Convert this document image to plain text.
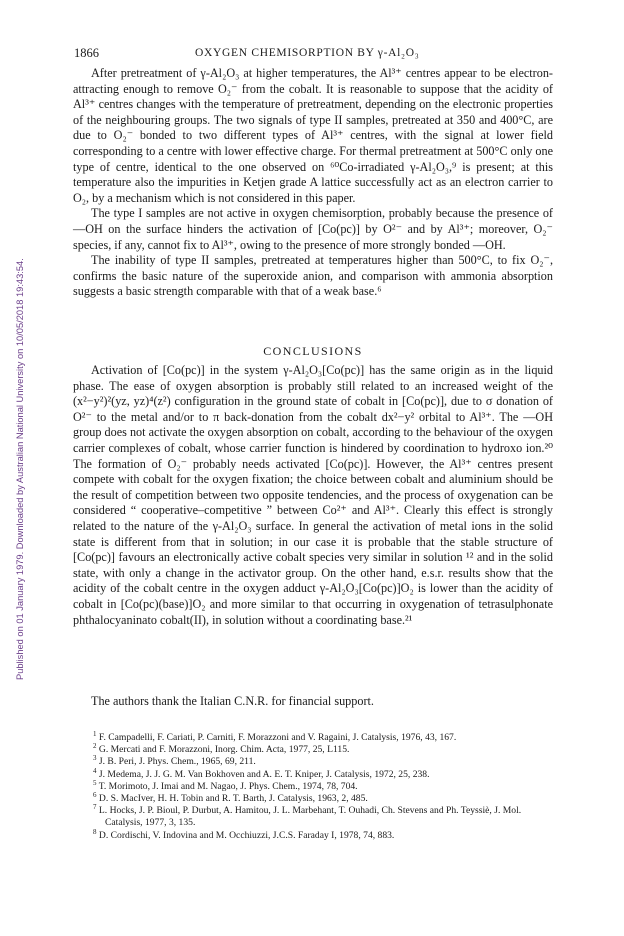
Published on 01 January 1979. Downloaded by Australian National University on 10/05/2018 19:43:54.
1866	OXYGEN CHEMISORPTION BY γ-Al₂O₃

After pretreatment of γ-Al₂O₃ at higher temperatures, the Al³⁺ centres appear to be electron-attracting enough to remove O₂⁻ from the cobalt. It is reasonable to suppose that the acidity of Al³⁺ centres changes with the temperature of pretreatment, depending on the electronic properties of the neighbouring groups. The two signals of type II samples, pretreated at 350 and 400°C, are due to O₂⁻ bonded to two different types of Al³⁺ centres, with the signal at lower field corresponding to a centre with lower effective charge. For thermal pretreatment at 500°C only one type of centre, identical to the one observed on ⁶⁰Co-irradiated γ-Al₂O₃,⁹ is present; at this temperature also the impurities in Ketjen grade A lattice successfully act as an electron carrier to O₂, by a mechanism which is not considered in this paper.

The type I samples are not active in oxygen chemisorption, probably because the presence of —OH on the surface hinders the activation of [Co(pc)] by O²⁻ and by Al³⁺; moreover, O₂⁻ species, if any, cannot fix to Al³⁺, owing to the presence of more strongly bonded —OH.

The inability of type II samples, pretreated at temperatures higher than 500°C, to fix O₂⁻, confirms the basic nature of the superoxide anion, and comparison with ammonia absorption suggests a basic strength comparable with that of a weak base.⁶

CONCLUSIONS

Activation of [Co(pc)] in the system γ-Al₂O₃[Co(pc)] has the same origin as in the liquid phase. The ease of oxygen absorption is probably still related to an increased weight of the (x²−y²)²(yz, yz)⁴(z²) configuration in the ground state of cobalt in [Co(pc)], due to σ donation of O²⁻ to the metal and/or to π back-donation from the cobalt dx²−y² orbital to Al³⁺. The —OH group does not activate the oxygen absorption on cobalt, according to the behaviour of the oxygen carrier complexes of cobalt, whose carrier function is hindered by coordination to hydroxo ion.²⁰ The formation of O₂⁻ probably needs activated [Co(pc)]. However, the Al³⁺ centres present compete with cobalt for the oxygen fixation; the choice between cobalt and aluminium should be the result of competition between two opposite tendencies, and the process of oxygenation can be considered “ cooperative–competitive ” between Co²⁺ and Al³⁺. Clearly this effect is strongly related to the nature of the γ-Al₂O₃ surface. In general the activation of metal ions in the solid state is different from that in solution; in our case it is probable that the stable structure of [Co(pc)] favours an electronically active cobalt species very similar in solution ¹² and in the solid state, with only a change in the activator group. On the other hand, e.s.r. results show that the acidity of the cobalt centre in the oxygen adduct γ-Al₂O₃[Co(pc)]O₂ is lower than the acidity of cobalt in [Co(pc)(base)]O₂ and more similar to that occurring in oxygenation of tetrasulphonate phthalocyaninato cobalt(II), in solution without a coordinating base.²¹

The authors thank the Italian C.N.R. for financial support.
$^1$ F. Campadelli, F. Cariati, P. Carniti, F. Morazzoni and V. Ragaini, J. Catalysis, 1976, 43, 167.
$^2$ G. Mercati and F. Morazzoni, Inorg. Chim. Acta, 1977, 25, L115.
$^3$ J. B. Peri, J. Phys. Chem., 1965, 69, 211.
$^4$ J. Medema, J. J. G. M. Van Bokhoven and A. E. T. Kniper, J. Catalysis, 1972, 25, 238.
$^5$ T. Morimoto, J. Imai and M. Nagao, J. Phys. Chem., 1974, 78, 704.
$^6$ D. S. MacIver, H. H. Tobin and R. T. Barth, J. Catalysis, 1963, 2, 485.
$^7$ L. Hocks, J. P. Bioul, P. Durbut, A. Hamitou, J. L. Marbehant, T. Ouhadi, Ch. Stevens and Ph. Teyssiè, J. Mol. Catalysis, 1977, 3, 135.
$^8$ D. Cordischi, V. Indovina and M. Occhiuzzi, J.C.S. Faraday I, 1978, 74, 883.
